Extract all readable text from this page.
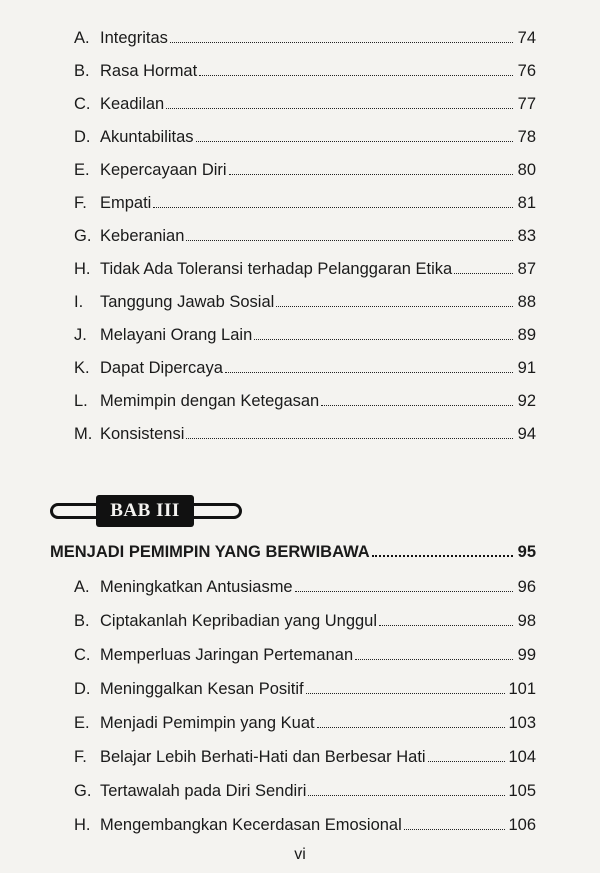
A. Integritas	74
B. Rasa Hormat	76
C. Keadilan	77
D. Akuntabilitas	78
E. Kepercayaan Diri	80
F. Empati	81
G. Keberanian	83
H. Tidak Ada Toleransi terhadap Pelanggaran Etika	87
I.	Tanggung Jawab Sosial	88
J. Melayani Orang Lain	89
K. Dapat Dipercaya	91
L. Memimpin dengan Ketegasan	92
M. Konsistensi	94
BAB III
MENJADI PEMIMPIN YANG BERWIBAWA	95
A. Meningkatkan Antusiasme	96
B. Ciptakanlah Kepribadian yang Unggul	98
C. Memperluas Jaringan Pertemanan	99
D. Meninggalkan Kesan Positif	101
E. Menjadi Pemimpin yang Kuat	103
F. Belajar Lebih Berhati-Hati dan Berbesar Hati	104
G. Tertawalah pada Diri Sendiri	105
H. Mengembangkan Kecerdasan Emosional	106
vi
